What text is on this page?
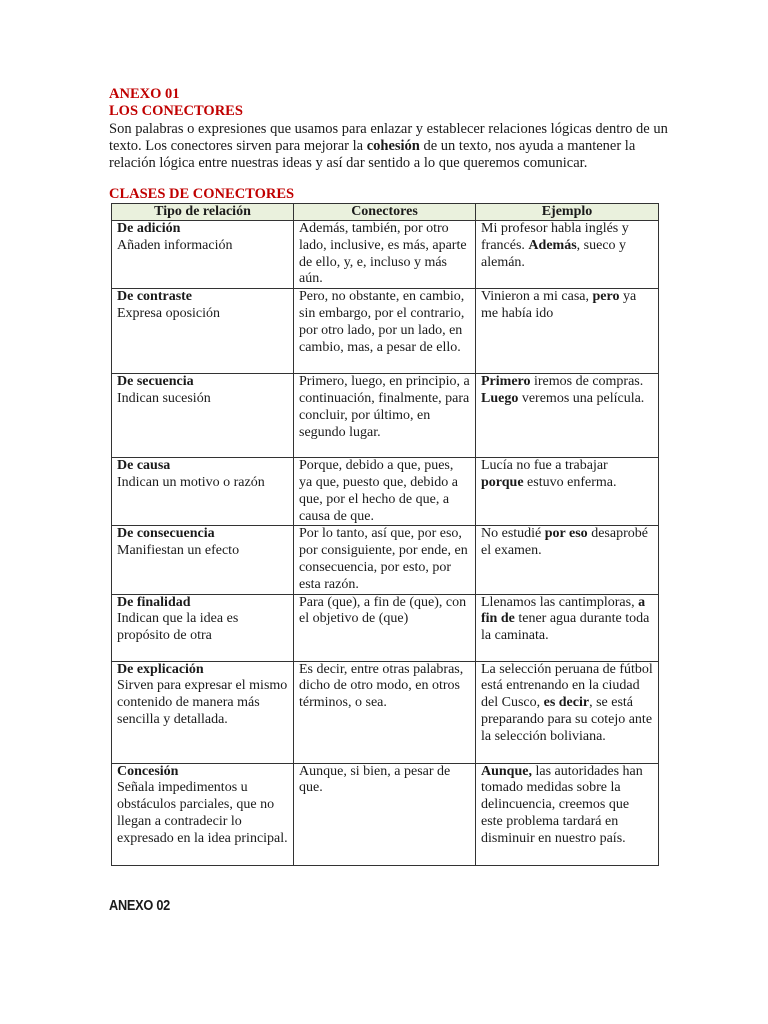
ANEXO 01

LOS CONECTORES

Son palabras o expresiones que usamos para enlazar y establecer relaciones lógicas dentro de un texto. Los conectores sirven para mejorar la cohesión de un texto, nos ayuda a mantener la relación lógica entre nuestras ideas y así dar sentido a lo que queremos comunicar.

CLASES DE CONECTORES

Tipo de relación	Conectores	Ejemplo

De adición
Añaden información	Además, también, por otro lado, inclusive, es más, aparte de ello, y, e, incluso y más aún.	Mi profesor habla inglés y francés. Además, sueco y alemán.

De contraste
Expresa oposición	Pero, no obstante, en cambio, sin embargo, por el contrario, por otro lado, por un lado, en cambio, mas, a pesar de ello.	Vinieron a mi casa, pero ya me había ido

De secuencia
Indican sucesión	Primero, luego, en principio, a continuación, finalmente, para concluir, por último, en segundo lugar.	Primero iremos de compras. Luego veremos una película.

De causa
Indican un motivo o razón	Porque, debido a que, pues, ya que, puesto que, debido a que, por el hecho de que, a causa de que.	Lucía no fue a trabajar porque estuvo enferma.

De consecuencia
Manifiestan un efecto	Por lo tanto, así que, por eso, por consiguiente, por ende, en consecuencia, por esto, por esta razón.	No estudié por eso desaprobé el examen.

De finalidad
Indican que la idea es propósito de otra	Para (que), a fin de (que), con el objetivo de (que)	Llenamos las cantimploras, a fin de tener agua durante toda la caminata.

De explicación
Sirven para expresar el mismo contenido de manera más sencilla y detallada.	Es decir, entre otras palabras, dicho de otro modo, en otros términos, o sea.	La selección peruana de fútbol está entrenando en la ciudad del Cusco, es decir, se está preparando para su cotejo ante la selección boliviana.

Concesión
Señala impedimentos u obstáculos parciales, que no llegan a contradecir lo expresado en la idea principal.	Aunque, si bien, a pesar de que.	Aunque, las autoridades han tomado medidas sobre la delincuencia, creemos que este problema tardará en disminuir en nuestro país.
ANEXO 02
